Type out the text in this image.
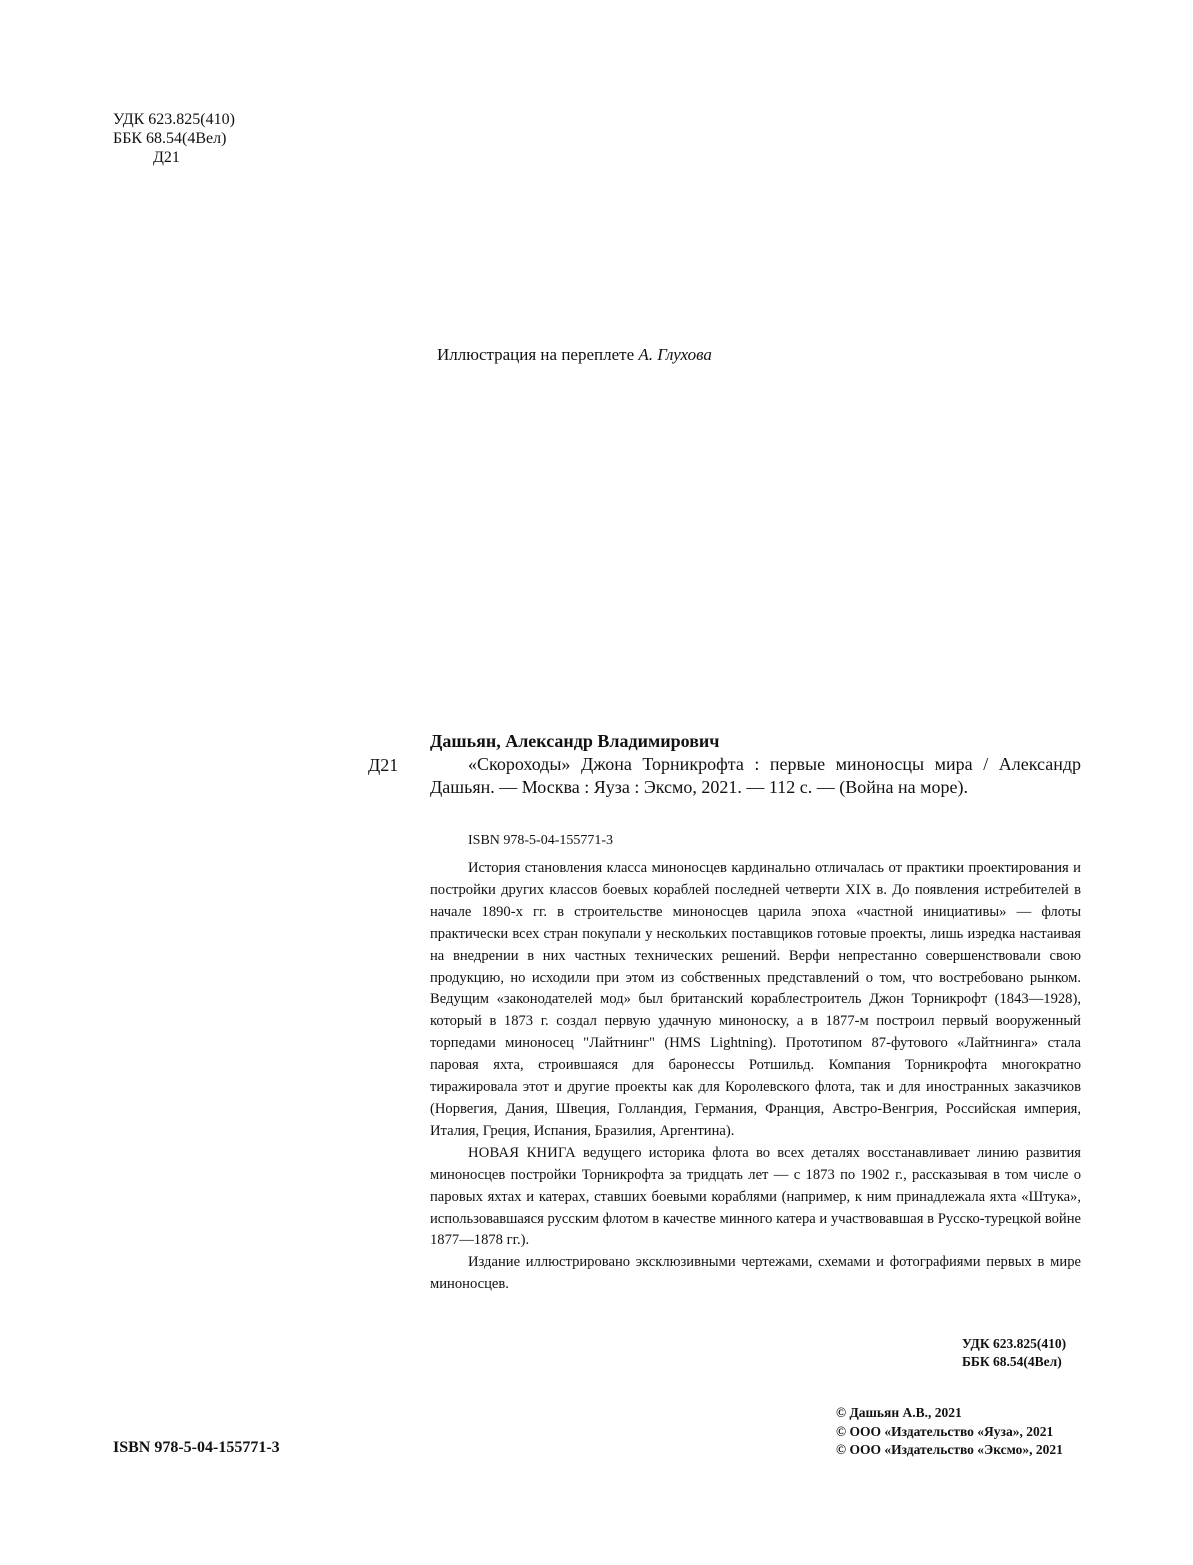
УДК 623.825(410)
ББК 68.54(4Вел)
Д21
Иллюстрация на переплете А. Глухова
Дашьян, Александр Владимирович
Д21	«Скороходы» Джона Торникрофта : первые миноносцы мира / Александр Дашьян. — Москва : Яуза : Эксмо, 2021. — 112 с. — (Война на море).
ISBN 978-5-04-155771-3

История становления класса миноносцев кардинально отличалась от практики проектирования и постройки других классов боевых кораблей последней четверти XIX в. До появления истребителей в начале 1890-х гг. в строительстве миноносцев царила эпоха «частной инициативы» — флоты практически всех стран покупали у нескольких поставщиков готовые проекты, лишь изредка настаивая на внедрении в них частных технических решений. Верфи непрестанно совершенствовали свою продукцию, но исходили при этом из собственных представлений о том, что востребовано рынком. Ведущим «законодателей мод» был британский кораблестроитель Джон Торникрофт (1843—1928), который в 1873 г. создал первую удачную миноноску, а в 1877-м построил первый вооруженный торпедами миноносец "Лайтнинг" (HMS Lightning). Прототипом 87-футового «Лайтнинга» стала паровая яхта, строившаяся для баронессы Ротшильд. Компания Торникрофта многократно тиражировала этот и другие проекты как для Королевского флота, так и для иностранных заказчиков (Норвегия, Дания, Швеция, Голландия, Германия, Франция, Австро-Венгрия, Российская империя, Италия, Греция, Испания, Бразилия, Аргентина).

НОВАЯ КНИГА ведущего историка флота во всех деталях восстанавливает линию развития миноносцев постройки Торникрофта за тридцать лет — с 1873 по 1902 г., рассказывая в том числе о паровых яхтах и катерах, ставших боевыми кораблями (например, к ним принадлежала яхта «Штука», использовавшаяся русским флотом в качестве минного катера и участвовавшая в Русско-турецкой войне 1877—1878 гг.).

Издание иллюстрировано эксклюзивными чертежами, схемами и фотографиями первых в мире миноносцев.

УДК 623.825(410)
ББК 68.54(4Вел)
ISBN 978-5-04-155771-3
© Дашьян А.В., 2021
© ООО «Издательство «Яуза», 2021
© ООО «Издательство «Эксмо», 2021
